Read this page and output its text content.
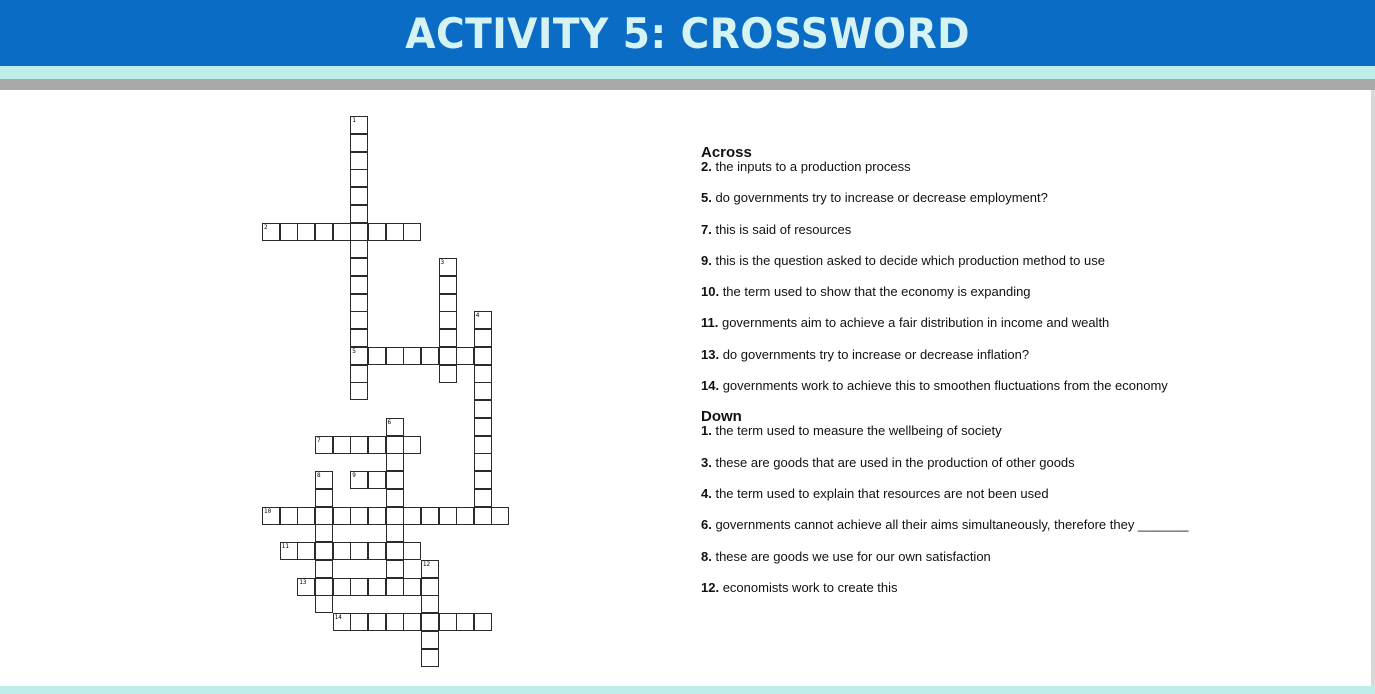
ACTIVITY 5: CROSSWORD
1
5
2
3
4
6
7
8	9
10
11
12
13
14

Across

2. the inputs to a production process

5. do governments try to increase or decrease employment?

7. this is said of resources

9. this is the question asked to decide which production method to use

10. the term used to show that the economy is expanding

11. governments aim to achieve a fair distribution in income and wealth

13. do governments try to increase or decrease inflation?

14. governments work to achieve this to smoothen fluctuations from the economy

Down

1. the term used to measure the wellbeing of society

3. these are goods that are used in the production of other goods

4. the term used to explain that resources are not been used

6. governments cannot achieve all their aims simultaneously, therefore they _______

8. these are goods we use for our own satisfaction

12. economists work to create this
